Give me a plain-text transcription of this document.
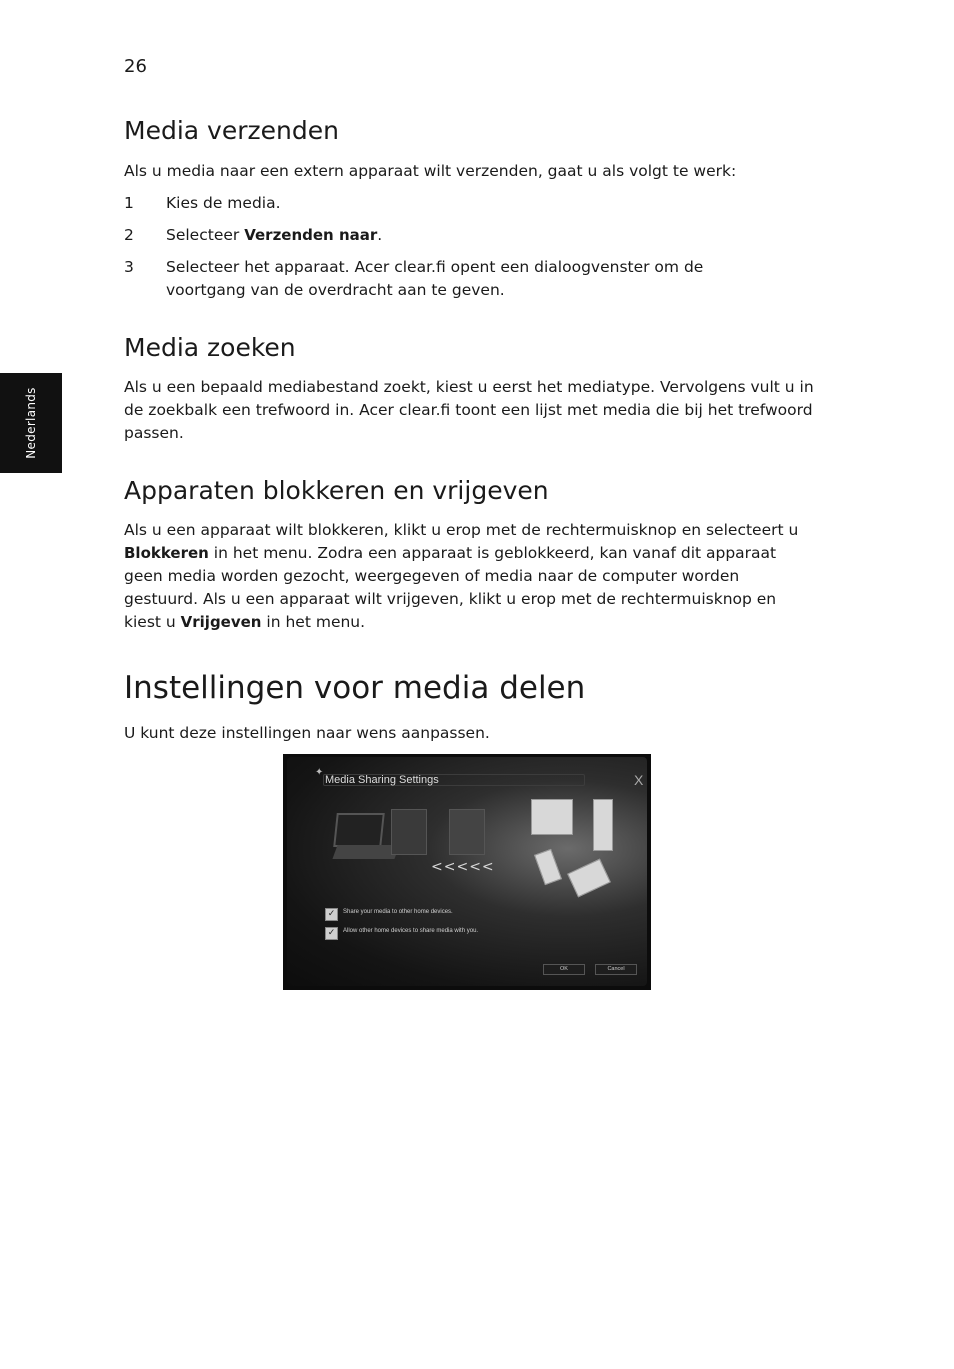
26
Nederlands
Media verzenden

Als u media naar een extern apparaat wilt verzenden, gaat u als volgt te werk:

1 Kies de media.
2 Selecteer Verzenden naar.
3 Selecteer het apparaat. Acer clear.fi opent een dialoogvenster om de voortgang van de overdracht aan te geven.
Media zoeken

Als u een bepaald mediabestand zoekt, kiest u eerst het mediatype. Vervolgens vult u in de zoekbalk een trefwoord in. Acer clear.fi toont een lijst met media die bij het trefwoord passen.

Apparaten blokkeren en vrijgeven

Als u een apparaat wilt blokkeren, klikt u erop met de rechtermuisknop en selecteert u Blokkeren in het menu. Zodra een apparaat is geblokkeerd, kan vanaf dit apparaat geen media worden gezocht, weergegeven of media naar de computer worden gestuurd. Als u een apparaat wilt vrijgeven, klikt u erop met de rechtermuisknop en kiest u Vrijgeven in het menu.

Instellingen voor media delen

U kunt deze instellingen naar wens aanpassen.

✦
Media Sharing Settings	X
<<<<<
✓	Share your media to other home devices.
✓	Allow other home devices to share media with you.
OK	Cancel
